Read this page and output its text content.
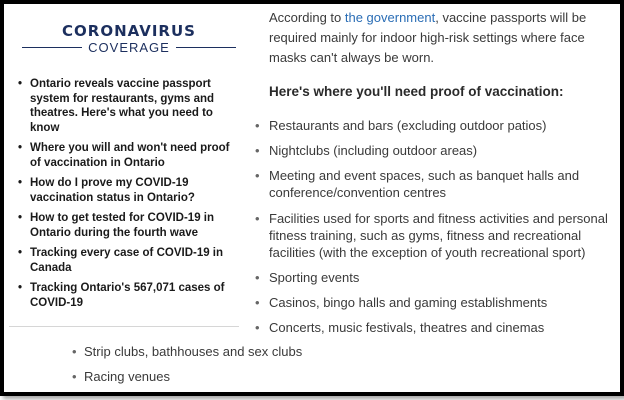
CORONAVIRUS
COVERAGE
• Ontario reveals vaccine passport system for restaurants, gyms and theatres. Here's what you need to know
• Where you will and won't need proof of vaccination in Ontario
• How do I prove my COVID-19 vaccination status in Ontario?
• How to get tested for COVID-19 in Ontario during the fourth wave
• Tracking every case of COVID-19 in Canada
• Tracking Ontario's 567,071 cases of COVID-19

According to the government, vaccine passports will be required mainly for indoor high-risk settings where face masks can't always be worn.

Here's where you'll need proof of vaccination:
• Restaurants and bars (excluding outdoor patios)
• Nightclubs (including outdoor areas)
• Meeting and event spaces, such as banquet halls and conference/convention centres
• Facilities used for sports and fitness activities and personal fitness training, such as gyms, fitness and recreational facilities (with the exception of youth recreational sport)
• Sporting events
• Casinos, bingo halls and gaming establishments
• Concerts, music festivals, theatres and cinemas
• Strip clubs, bathhouses and sex clubs
• Racing venues
